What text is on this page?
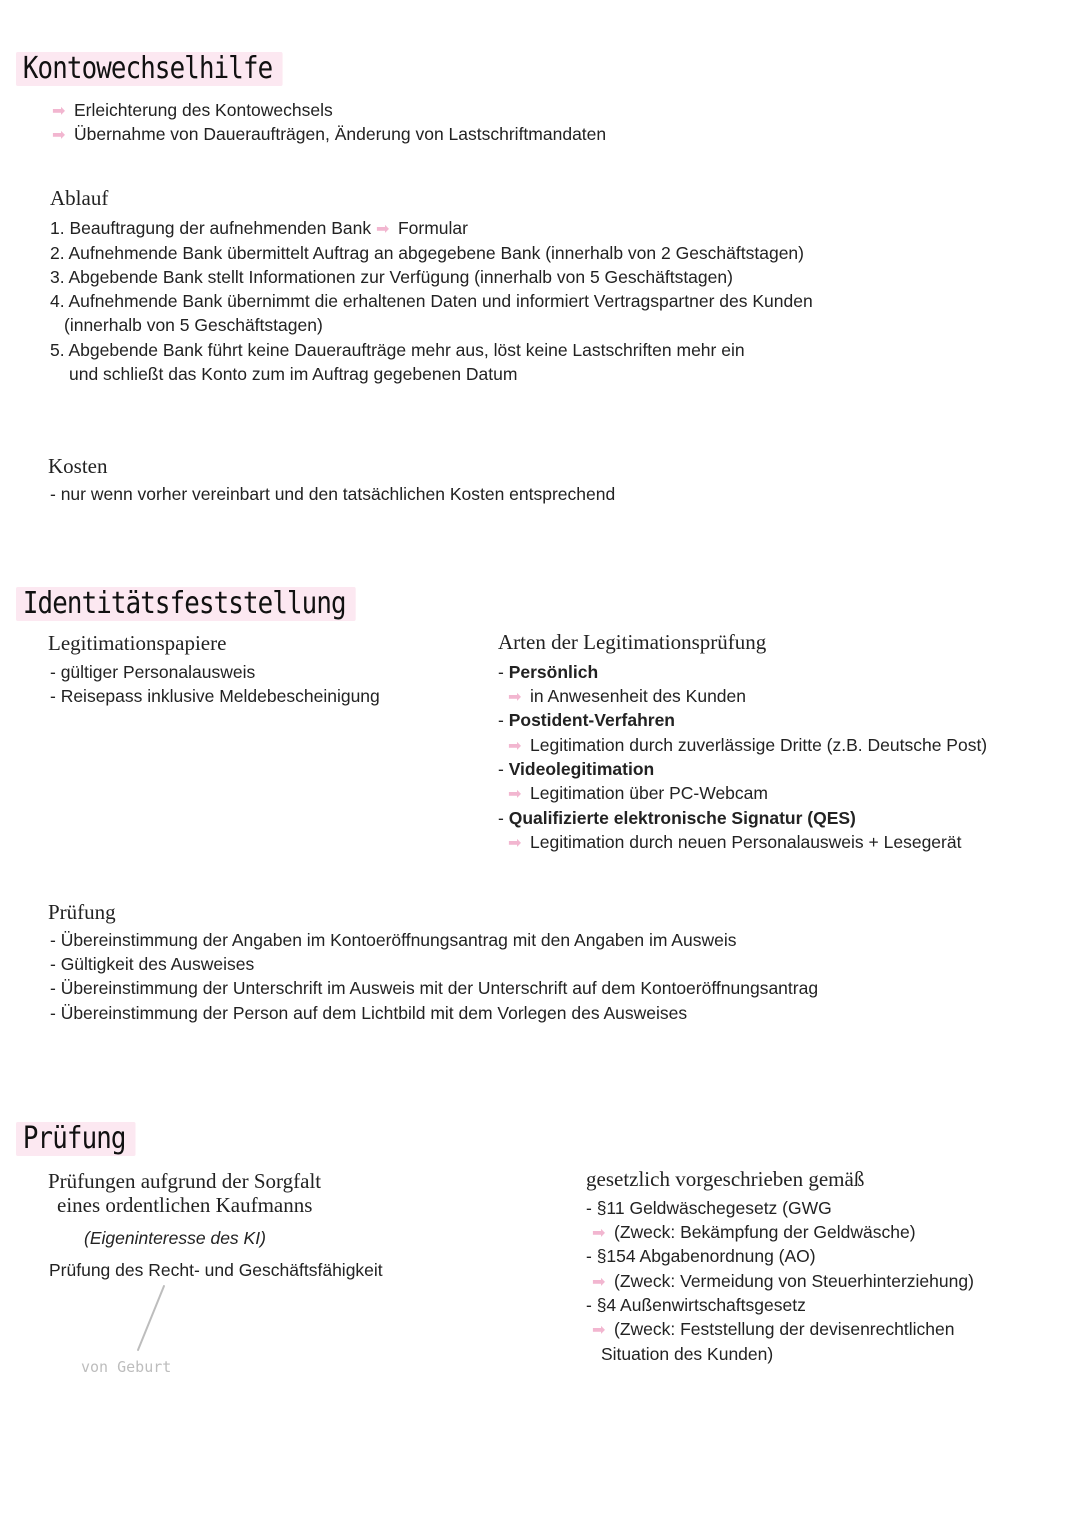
Kontowechselhilfe
➡ Erleichterung des Kontowechsels
➡ Übernahme von Daueraufträgen, Änderung von Lastschriftmandaten
Ablauf
1. Beauftragung der aufnehmenden Bank ➡ Formular
2. Aufnehmende Bank übermittelt Auftrag an abgegebene Bank (innerhalb von 2 Geschäftstagen)
3. Abgebende Bank stellt Informationen zur Verfügung (innerhalb von 5 Geschäftstagen)
4. Aufnehmende Bank übernimmt die erhaltenen Daten und informiert Vertragspartner des Kunden
(innerhalb von 5 Geschäftstagen)
5. Abgebende Bank führt keine Daueraufträge mehr aus, löst keine Lastschriften mehr ein
und schließt das Konto zum im Auftrag gegebenen Datum
Kosten
- nur wenn vorher vereinbart und den tatsächlichen Kosten entsprechend
Identitätsfeststellung
Legitimationspapiere
- gültiger Personalausweis
- Reisepass inklusive Meldebescheinigung
Arten der Legitimationsprüfung
- Persönlich
➡ in Anwesenheit des Kunden
- Postident-Verfahren
➡ Legitimation durch zuverlässige Dritte (z.B. Deutsche Post)
- Videolegitimation
➡ Legitimation über PC-Webcam
- Qualifizierte elektronische Signatur (QES)
➡ Legitimation durch neuen Personalausweis + Lesegerät
Prüfung
- Übereinstimmung der Angaben im Kontoeröffnungsantrag mit den Angaben im Ausweis
- Gültigkeit des Ausweises
- Übereinstimmung der Unterschrift im Ausweis mit der Unterschrift auf dem Kontoeröffnungsantrag
- Übereinstimmung der Person auf dem Lichtbild mit dem Vorlegen des Ausweises
Prüfung
Prüfungen aufgrund der Sorgfalt
eines ordentlichen Kaufmanns
(Eigeninteresse des KI)
Prüfung des Recht- und Geschäftsfähigkeit
von Geburt
gesetzlich vorgeschrieben gemäß
- §11 Geldwäschegesetz (GWG
➡ (Zweck: Bekämpfung der Geldwäsche)
- §154 Abgabenordnung (AO)
➡ (Zweck: Vermeidung von Steuerhinterziehung)
- §4 Außenwirtschaftsgesetz
➡ (Zweck: Feststellung der devisenrechtlichen
Situation des Kunden)
